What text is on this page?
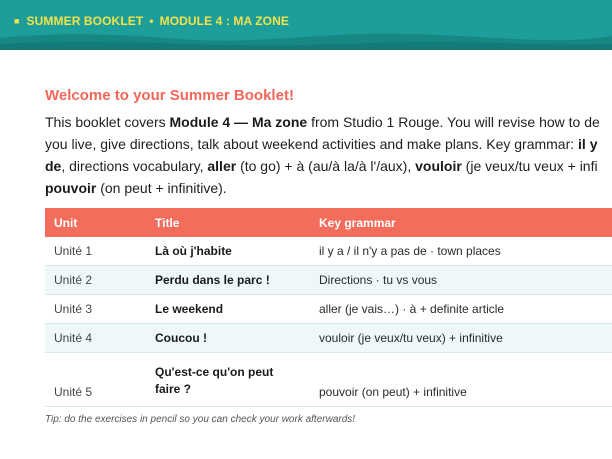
■ SUMMER BOOKLET • MODULE 4 : MA ZONE
Welcome to your Summer Booklet!

This booklet covers Module 4 — Ma zone from Studio 1 Rouge. You will revise how to de
you live, give directions, talk about weekend activities and make plans. Key grammar: il y
de, directions vocabulary, aller (to go) + à (au/à la/à l'/aux), vouloir (je veux/tu veux + infi
pouvoir (on peut + infinitive).

Unit	Title	Key grammar
Unité 1	Là où j'habite	il y a / il n'y a pas de · town places
Unité 2	Perdu dans le parc !	Directions · tu vs vous
Unité 3	Le weekend	aller (je vais…) · à + definite article
Unité 4	Coucou !	vouloir (je veux/tu veux) + infinitive
Unité 5	Qu'est-ce qu'on peut
faire ?	pouvoir (on peut) + infinitive
Tip: do the exercises in pencil so you can check your work afterwards!
